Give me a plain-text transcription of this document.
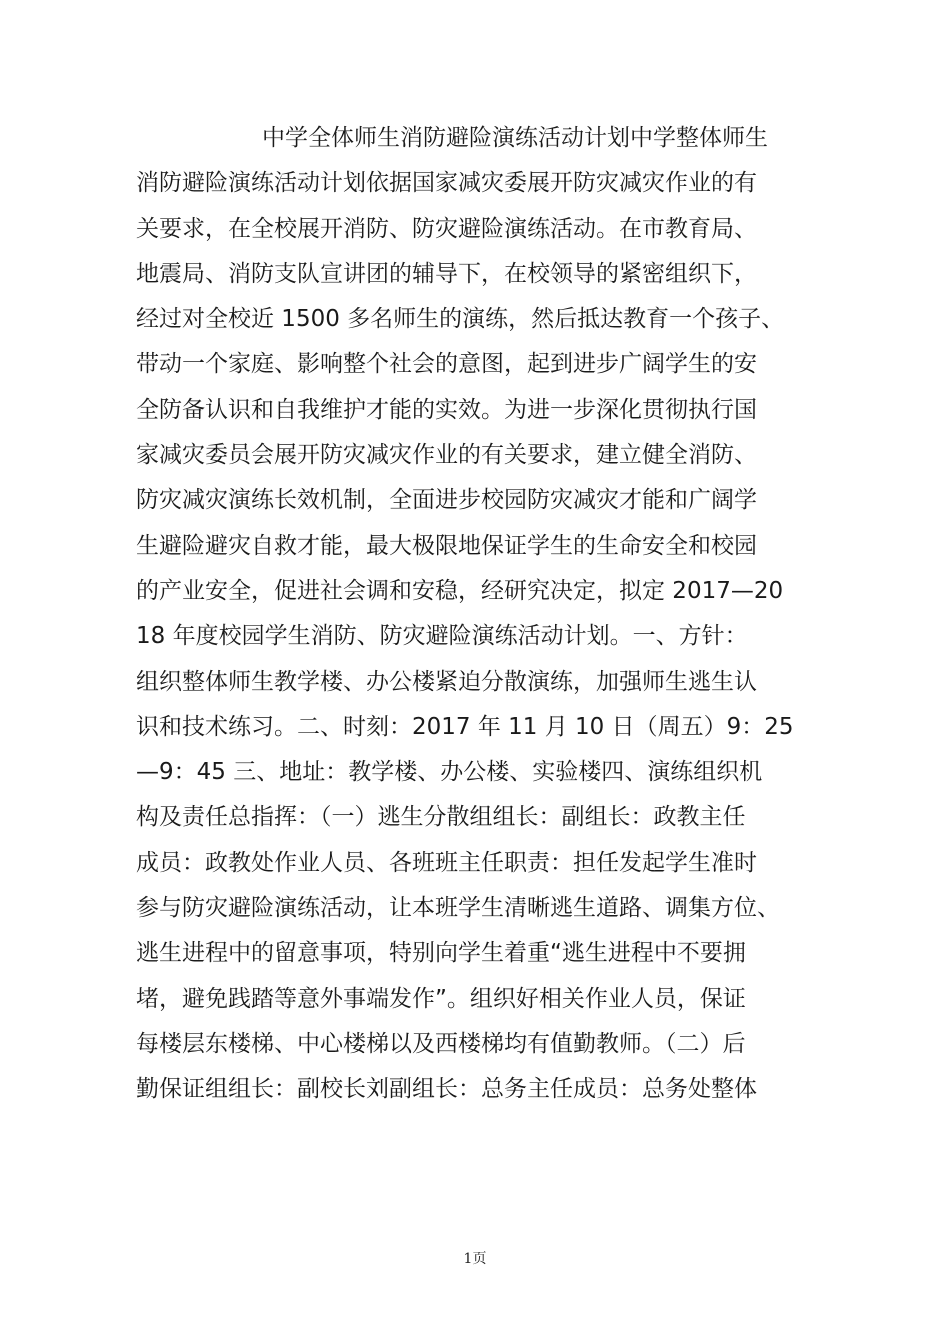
中学全体师生消防避险演练活动计划中学整体师生
消防避险演练活动计划依据国家减灾委展开防灾减灾作业的有
关要求，在全校展开消防、防灾避险演练活动。在市教育局、
地震局、消防支队宣讲团的辅导下，在校领导的紧密组织下，
经过对全校近 1500 多名师生的演练，然后抵达教育一个孩子、
带动一个家庭、影响整个社会的意图，起到进步广阔学生的安
全防备认识和自我维护才能的实效。为进一步深化贯彻执行国
家减灾委员会展开防灾减灾作业的有关要求，建立健全消防、
防灾减灾演练长效机制，全面进步校园防灾减灾才能和广阔学
生避险避灾自救才能，最大极限地保证学生的生命安全和校园
的产业安全，促进社会调和安稳，经研究决定，拟定 2017—20
18 年度校园学生消防、防灾避险演练活动计划。一、方针：
组织整体师生教学楼、办公楼紧迫分散演练，加强师生逃生认
识和技术练习。二、时刻：2017 年 11 月 10 日（周五）9：25
—9：45 三、地址：教学楼、办公楼、实验楼四、演练组织机
构及责任总指挥：（一）逃生分散组组长：副组长：政教主任
成员：政教处作业人员、各班班主任职责：担任发起学生准时
参与防灾避险演练活动，让本班学生清晰逃生道路、调集方位、
逃生进程中的留意事项，特别向学生着重“逃生进程中不要拥
堵，避免践踏等意外事端发作”。组织好相关作业人员，保证
每楼层东楼梯、中心楼梯以及西楼梯均有值勤教师。（二）后
勤保证组组长：副校长刘副组长：总务主任成员：总务处整体
1页
